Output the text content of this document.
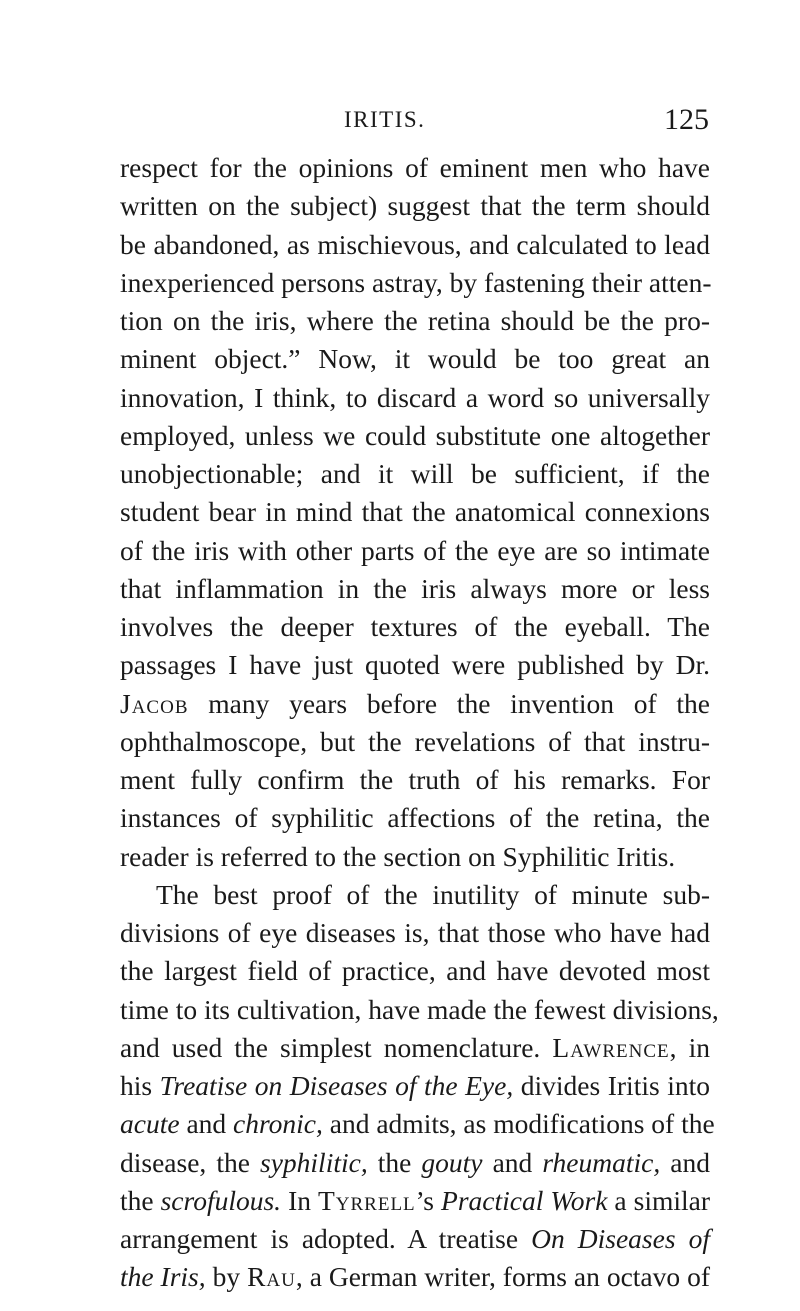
IRITIS.	125
respect for the opinions of eminent men who have
written on the subject) suggest that the term should
be abandoned, as mischievous, and calculated to lead
inexperienced persons astray, by fastening their atten-
tion on the iris, where the retina should be the pro-
minent object.” Now, it would be too great an
innovation, I think, to discard a word so universally
employed, unless we could substitute one altogether
unobjectionable; and it will be sufficient, if the
student bear in mind that the anatomical connexions
of the iris with other parts of the eye are so intimate
that inflammation in the iris always more or less
involves the deeper textures of the eyeball. The
passages I have just quoted were published by Dr.
Jacob many years before the invention of the
ophthalmoscope, but the revelations of that instru-
ment fully confirm the truth of his remarks. For
instances of syphilitic affections of the retina, the
reader is referred to the section on Syphilitic Iritis.
The best proof of the inutility of minute sub-
divisions of eye diseases is, that those who have had
the largest field of practice, and have devoted most
time to its cultivation, have made the fewest divisions,
and used the simplest nomenclature. Lawrence, in
his Treatise on Diseases of the Eye, divides Iritis into
acute and chronic, and admits, as modifications of the
disease, the syphilitic, the gouty and rheumatic, and
the scrofulous. In Tyrrell’s Practical Work a similar
arrangement is adopted. A treatise On Diseases of
the Iris, by Rau, a German writer, forms an octavo of
